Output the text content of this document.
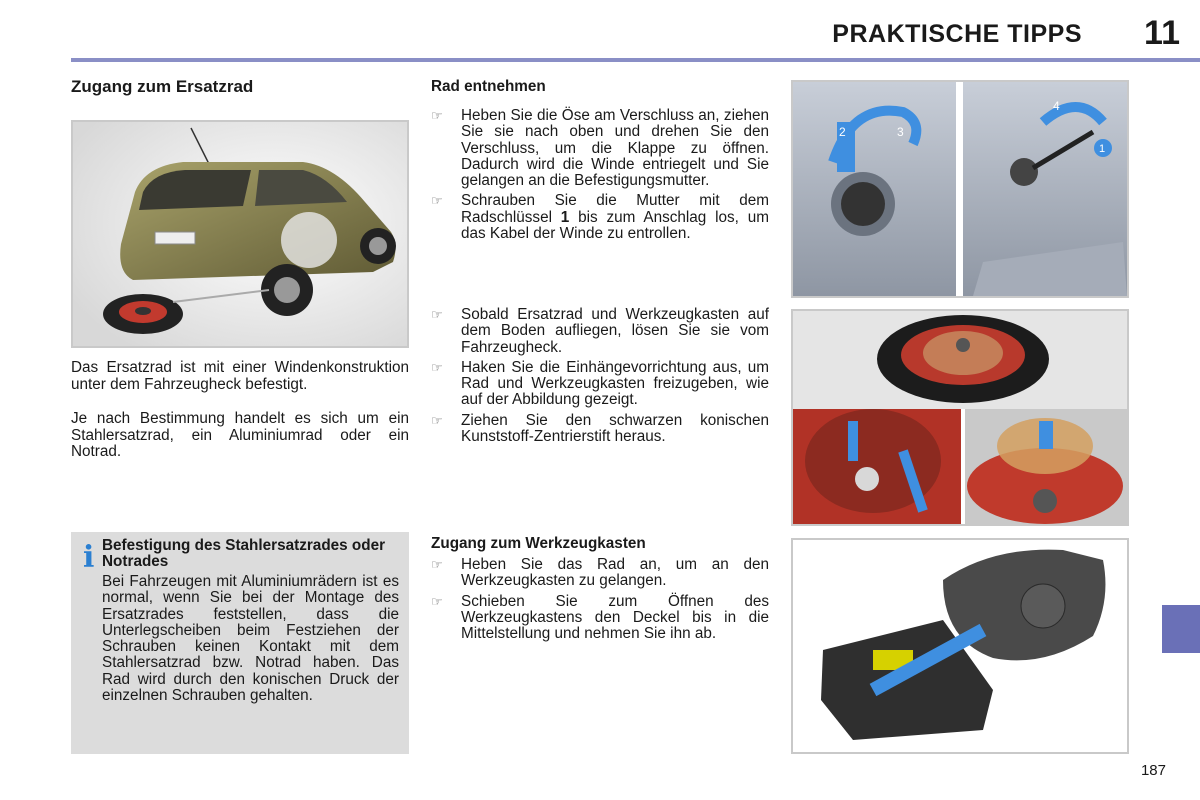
PRAKTISCHE TIPPS 11
Zugang zum Ersatzrad
Das Ersatzrad ist mit einer Windenkonstruktion unter dem Fahrzeugheck befestigt.
Je nach Bestimmung handelt es sich um ein Stahlersatzrad, ein Aluminiumrad oder ein Notrad.
i Befestigung des Stahlersatzrades oder Notrades
Bei Fahrzeugen mit Aluminiumrädern ist es normal, wenn Sie bei der Montage des Ersatzrades feststellen, dass die Unterlegscheiben beim Festziehen der Schrauben keinen Kontakt mit dem Stahlersatzrad bzw. Notrad haben. Das Rad wird durch den konischen Druck der einzelnen Schrauben gehalten.
Rad entnehmen
☞ Heben Sie die Öse am Verschluss an, ziehen Sie sie nach oben und drehen Sie den Verschluss, um die Klappe zu öffnen. Dadurch wird die Winde entriegelt und Sie gelangen an die Befestigungsmutter.
☞ Schrauben Sie die Mutter mit dem Radschlüssel 1 bis zum Anschlag los, um das Kabel der Winde zu entrollen.
☞ Sobald Ersatzrad und Werkzeugkasten auf dem Boden aufliegen, lösen Sie sie vom Fahrzeugheck.
☞ Haken Sie die Einhängevorrichtung aus, um Rad und Werkzeugkasten freizugeben, wie auf der Abbildung gezeigt.
☞ Ziehen Sie den schwarzen konischen Kunststoff-Zentrierstift heraus.
Zugang zum Werkzeugkasten
☞ Heben Sie das Rad an, um an den Werkzeugkasten zu gelangen.
☞ Schieben Sie zum Öffnen des Werkzeugkastens den Deckel bis in die Mittelstellung und nehmen Sie ihn ab.
2	3
4
1
187
